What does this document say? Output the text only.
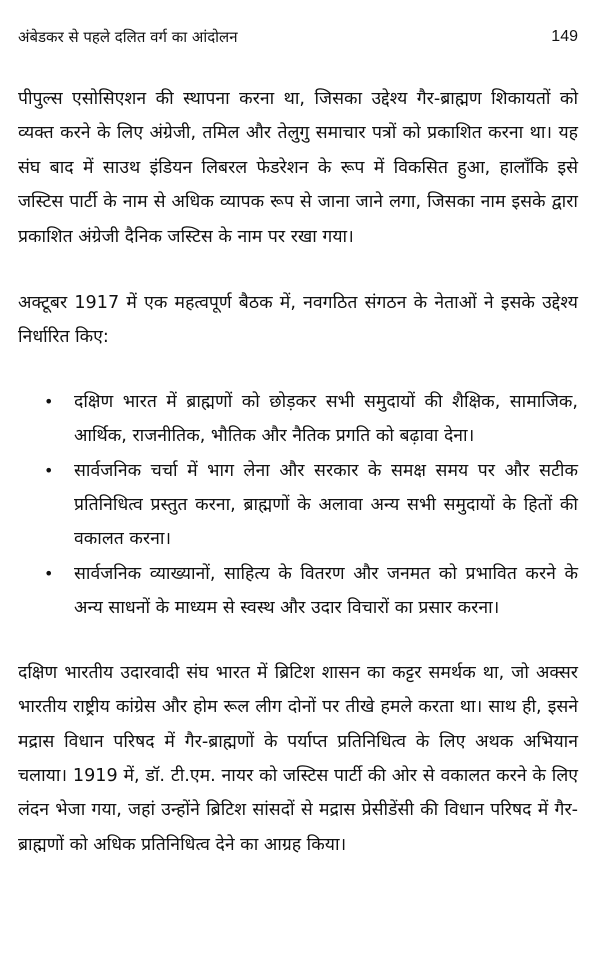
अंबेडकर से पहले दलित वर्ग का आंदोलन	149

पीपुल्स एसोसिएशन की स्थापना करना था, जिसका उद्देश्य गैर-ब्राह्मण शिकायतों को व्यक्त करने के लिए अंग्रेजी, तमिल और तेलुगु समाचार पत्रों को प्रकाशित करना था। यह संघ बाद में साउथ इंडियन लिबरल फेडरेशन के रूप में विकसित हुआ, हालाँकि इसे जस्टिस पार्टी के नाम से अधिक व्यापक रूप से जाना जाने लगा, जिसका नाम इसके द्वारा प्रकाशित अंग्रेजी दैनिक जस्टिस के नाम पर रखा गया।

अक्टूबर 1917 में एक महत्वपूर्ण बैठक में, नवगठित संगठन के नेताओं ने इसके उद्देश्य निर्धारित किए:

• दक्षिण भारत में ब्राह्मणों को छोड़कर सभी समुदायों की शैक्षिक, सामाजिक, आर्थिक, राजनीतिक, भौतिक और नैतिक प्रगति को बढ़ावा देना।
• सार्वजनिक चर्चा में भाग लेना और सरकार के समक्ष समय पर और सटीक प्रतिनिधित्व प्रस्तुत करना, ब्राह्मणों के अलावा अन्य सभी समुदायों के हितों की वकालत करना।
• सार्वजनिक व्याख्यानों, साहित्य के वितरण और जनमत को प्रभावित करने के अन्य साधनों के माध्यम से स्वस्थ और उदार विचारों का प्रसार करना।

दक्षिण भारतीय उदारवादी संघ भारत में ब्रिटिश शासन का कट्टर समर्थक था, जो अक्सर भारतीय राष्ट्रीय कांग्रेस और होम रूल लीग दोनों पर तीखे हमले करता था। साथ ही, इसने मद्रास विधान परिषद में गैर-ब्राह्मणों के पर्याप्त प्रतिनिधित्व के लिए अथक अभियान चलाया। 1919 में, डॉ. टी.एम. नायर को जस्टिस पार्टी की ओर से वकालत करने के लिए लंदन भेजा गया, जहां उन्होंने ब्रिटिश सांसदों से मद्रास प्रेसीडेंसी की विधान परिषद में गैर-ब्राह्मणों को अधिक प्रतिनिधित्व देने का आग्रह किया।
